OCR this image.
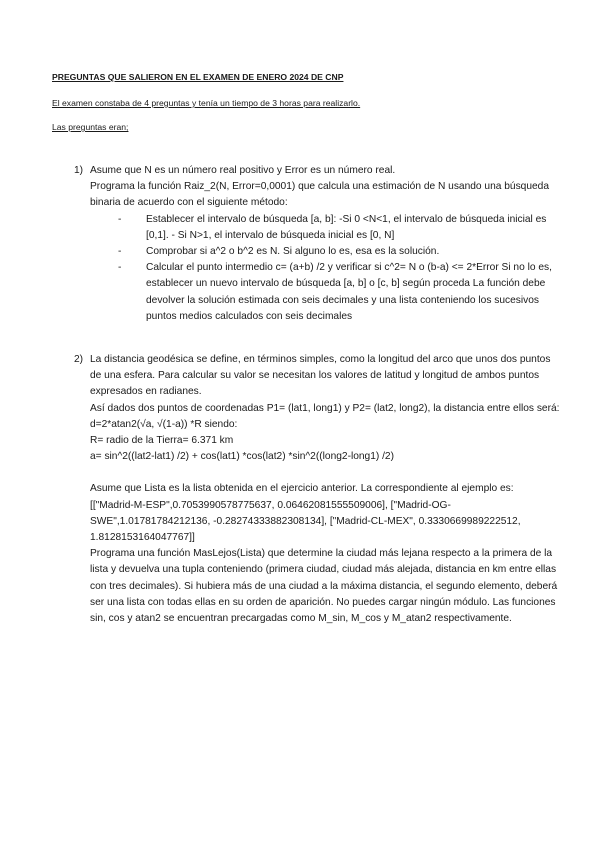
PREGUNTAS QUE SALIERON EN EL EXAMEN DE ENERO 2024 DE CNP
El examen constaba de 4 preguntas y tenía un tiempo de 3 horas para realizarlo.
Las preguntas eran;
1) Asume que N es un número real positivo y Error es un número real.

Programa la función Raiz_2(N, Error=0,0001) que calcula una estimación de N usando una búsqueda binaria de acuerdo con el siguiente método:

- Establecer el intervalo de búsqueda [a, b]: -Si 0 <N<1, el intervalo de búsqueda inicial es [0,1]. - Si N>1, el intervalo de búsqueda inicial es [0, N]

- Comprobar si a^2 o b^2 es N. Si alguno lo es, esa es la solución.

- Calcular el punto intermedio c= (a+b) /2 y verificar si c^2= N o (b-a) <= 2*Error Si no lo es, establecer un nuevo intervalo de búsqueda [a, b] o [c, b] según proceda La función debe devolver la solución estimada con seis decimales y una lista conteniendo los sucesivos puntos medios calculados con seis decimales

2) La distancia geodésica se define, en términos simples, como la longitud del arco que unos dos puntos de una esfera. Para calcular su valor se necesitan los valores de latitud y longitud de ambos puntos expresados en radianes.

Así dados dos puntos de coordenadas P1= (lat1, long1) y P2= (lat2, long2), la distancia entre ellos será:

d=2*atan2(√a, √(1-a)) *R siendo:
R= radio de la Tierra= 6.371 km
a= sin^2((lat2-lat1) /2) + cos(lat1) *cos(lat2) *sin^2((long2-long1) /2)

Asume que Lista es la lista obtenida en el ejercicio anterior. La correspondiente al ejemplo es: [["Madrid-M-ESP",0.7053990578775637, 0.06462081555509006], ["Madrid-OG-SWE",1.01781784212136, -0.28274333882308134], ["Madrid-CL-MEX", 0.3330669989222512, 1.8128153164047767]]

Programa una función MasLejos(Lista) que determine la ciudad más lejana respecto a la primera de la lista y devuelva una tupla conteniendo (primera ciudad, ciudad más alejada, distancia en km entre ellas con tres decimales). Si hubiera más de una ciudad a la máxima distancia, el segundo elemento, deberá ser una lista con todas ellas en su orden de aparición. No puedes cargar ningún módulo. Las funciones sin, cos y atan2 se encuentran precargadas como M_sin, M_cos y M_atan2 respectivamente.
